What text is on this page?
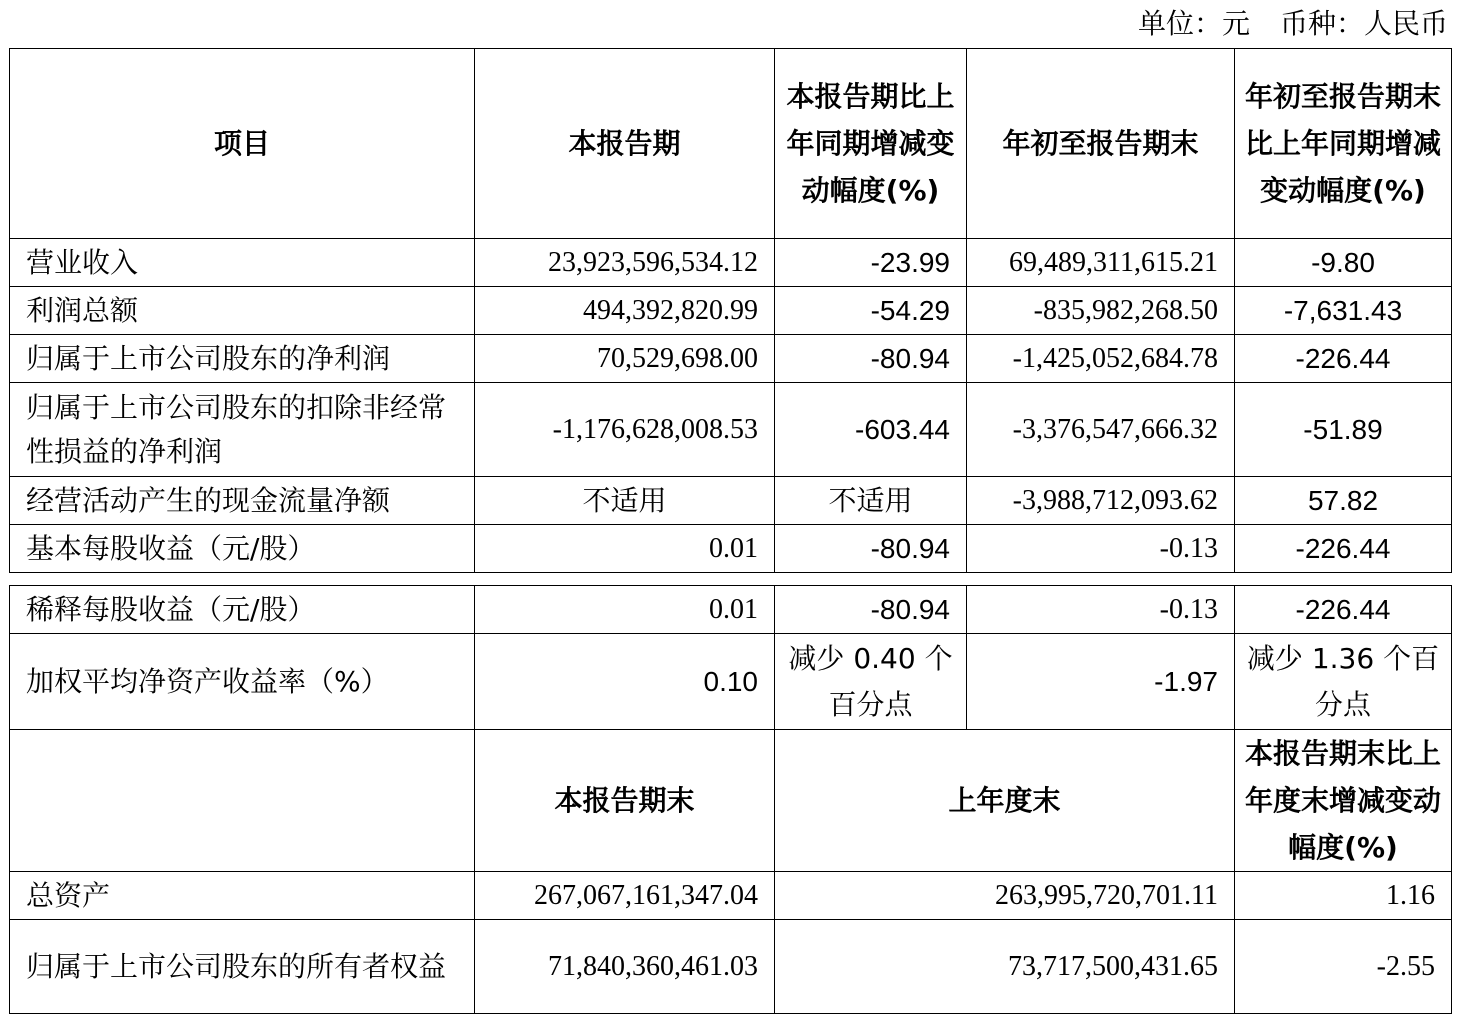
单位：元 币种：人民币
项目	本报告期	本报告期比上年同期增减变动幅度(%)	年初至报告期末	年初至报告期末比上年同期增减变动幅度(%)
营业收入	23,923,596,534.12	-23.99	69,489,311,615.21	-9.80
利润总额	494,392,820.99	-54.29	-835,982,268.50	-7,631.43
归属于上市公司股东的净利润	70,529,698.00	-80.94	-1,425,052,684.78	-226.44
归属于上市公司股东的扣除非经常性损益的净利润	-1,176,628,008.53	-603.44	-3,376,547,666.32	-51.89
经营活动产生的现金流量净额	不适用	不适用	-3,988,712,093.62	57.82
基本每股收益（元/股）	0.01	-80.94	-0.13	-226.44
稀释每股收益（元/股）	0.01	-80.94	-0.13	-226.44
加权平均净资产收益率（%）	0.10	减少 0.40 个百分点	-1.97	减少 1.36 个百分点
	本报告期末	上年度末		本报告期末比上年度末增减变动幅度(%)
总资产	267,067,161,347.04	263,995,720,701.11		1.16
归属于上市公司股东的所有者权益	71,840,360,461.03	73,717,500,431.65		-2.55
